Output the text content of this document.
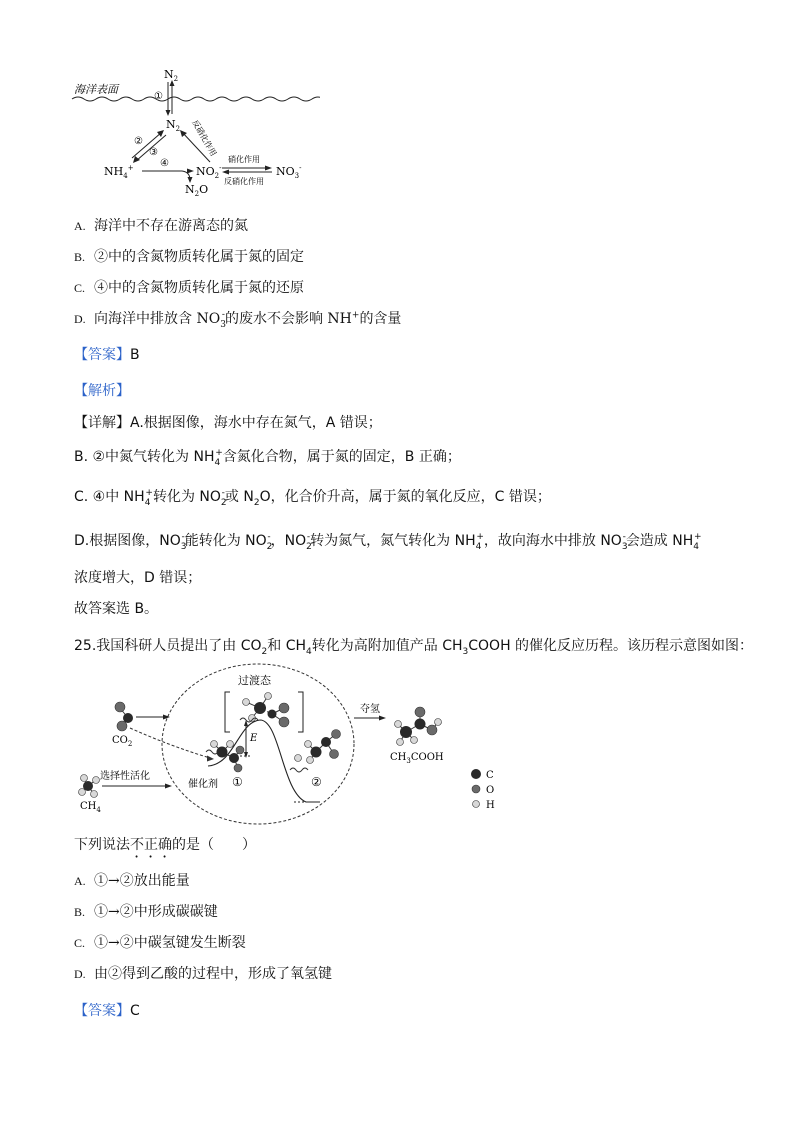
海洋表面
$N_2$
①
$N_2$ 反硝化作用
②
③
$NH_4^+$	④
$NO_2^-$
$N_2O$
硝化作用
反硝化作用
$NO_3^-$
A. 海洋中不存在游离态的氮
B. ②中的含氮物质转化属于氮的固定
C. ④中的含氮物质转化属于氮的还原
D. 向海洋中排放含 $NO_3^-$的废水不会影响 NH+的含量
【答案】B
【解析】
【详解】A.根据图像，海水中存在氮气，A 错误；
B. ②中氮气转化为 $NH_4^+$含氮化合物，属于氮的固定，B 正确；
C. ④中 $NH_4^+$转化为 $NO_2^-$或 $N_2O$，化合价升高，属于氮的氧化反应，C 错误；
D.根据图像，$NO_3^-$能转化为 $NO_2^-$，$NO_2^-$转为氮气，氮气转化为 $NH_4^+$，故向海水中排放 $NO_3^-$会造成 $NH_4^+$
浓度增大，D 错误；
故答案选 B。
25.我国科研人员提出了由 $CO_2$和 $CH_4$转化为高附加值产品 $CH_3COOH$ 的催化反应历程。该历程示意图如图：
$CO_2$
选择性活化
$CH_4$
过渡态
E
催化剂 ①	②
夺氢
$CH_3COOH$
C
O
H
下列说法不正确的是（　　）
A. ①→②放出能量
B. ①→②中形成碳碳键
C. ①→②中碳氢键发生断裂
D. 由②得到乙酸的过程中，形成了氧氢键
【答案】C
